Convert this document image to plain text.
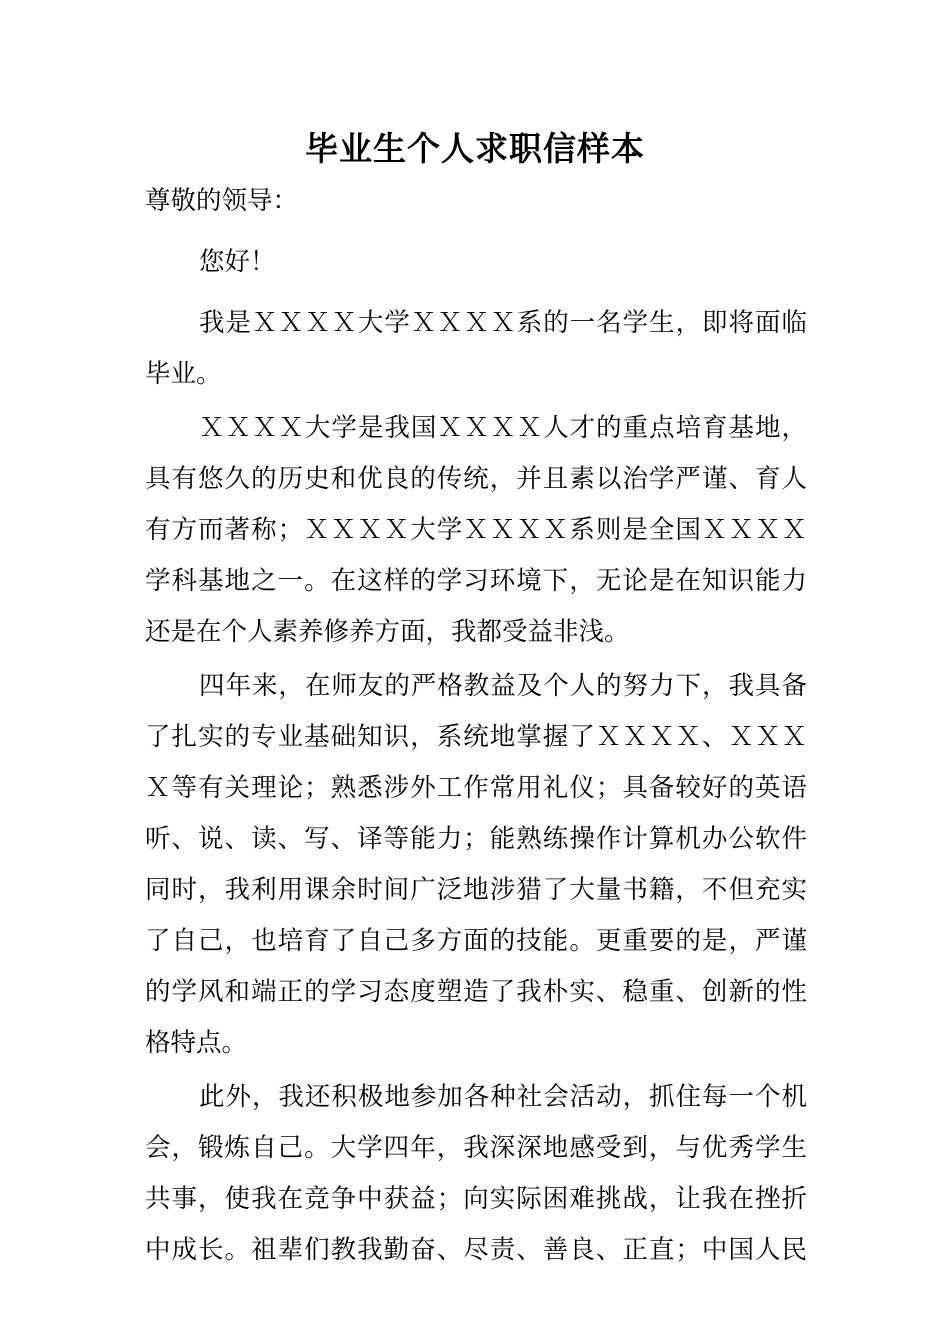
毕业生个人求职信样本
尊敬的领导：
您好！
我是ＸＸＸＸ大学ＸＸＸＸ系的一名学生，即将面临
毕业。
ＸＸＸＸ大学是我国ＸＸＸＸ人才的重点培育基地，
具有悠久的历史和优良的传统，并且素以治学严谨、育人
有方而著称；ＸＸＸＸ大学ＸＸＸＸ系则是全国ＸＸＸＸ
学科基地之一。在这样的学习环境下，无论是在知识能力
还是在个人素养修养方面，我都受益非浅。
四年来，在师友的严格教益及个人的努力下，我具备
了扎实的专业基础知识，系统地掌握了ＸＸＸＸ、ＸＸＸ
Ｘ等有关理论；熟悉涉外工作常用礼仪；具备较好的英语
听、说、读、写、译等能力；能熟练操作计算机办公软件
同时，我利用课余时间广泛地涉猎了大量书籍，不但充实
了自己，也培育了自己多方面的技能。更重要的是，严谨
的学风和端正的学习态度塑造了我朴实、稳重、创新的性
格特点。
此外，我还积极地参加各种社会活动，抓住每一个机
会，锻炼自己。大学四年，我深深地感受到，与优秀学生
共事，使我在竞争中获益；向实际困难挑战，让我在挫折
中成长。祖辈们教我勤奋、尽责、善良、正直；中国人民
